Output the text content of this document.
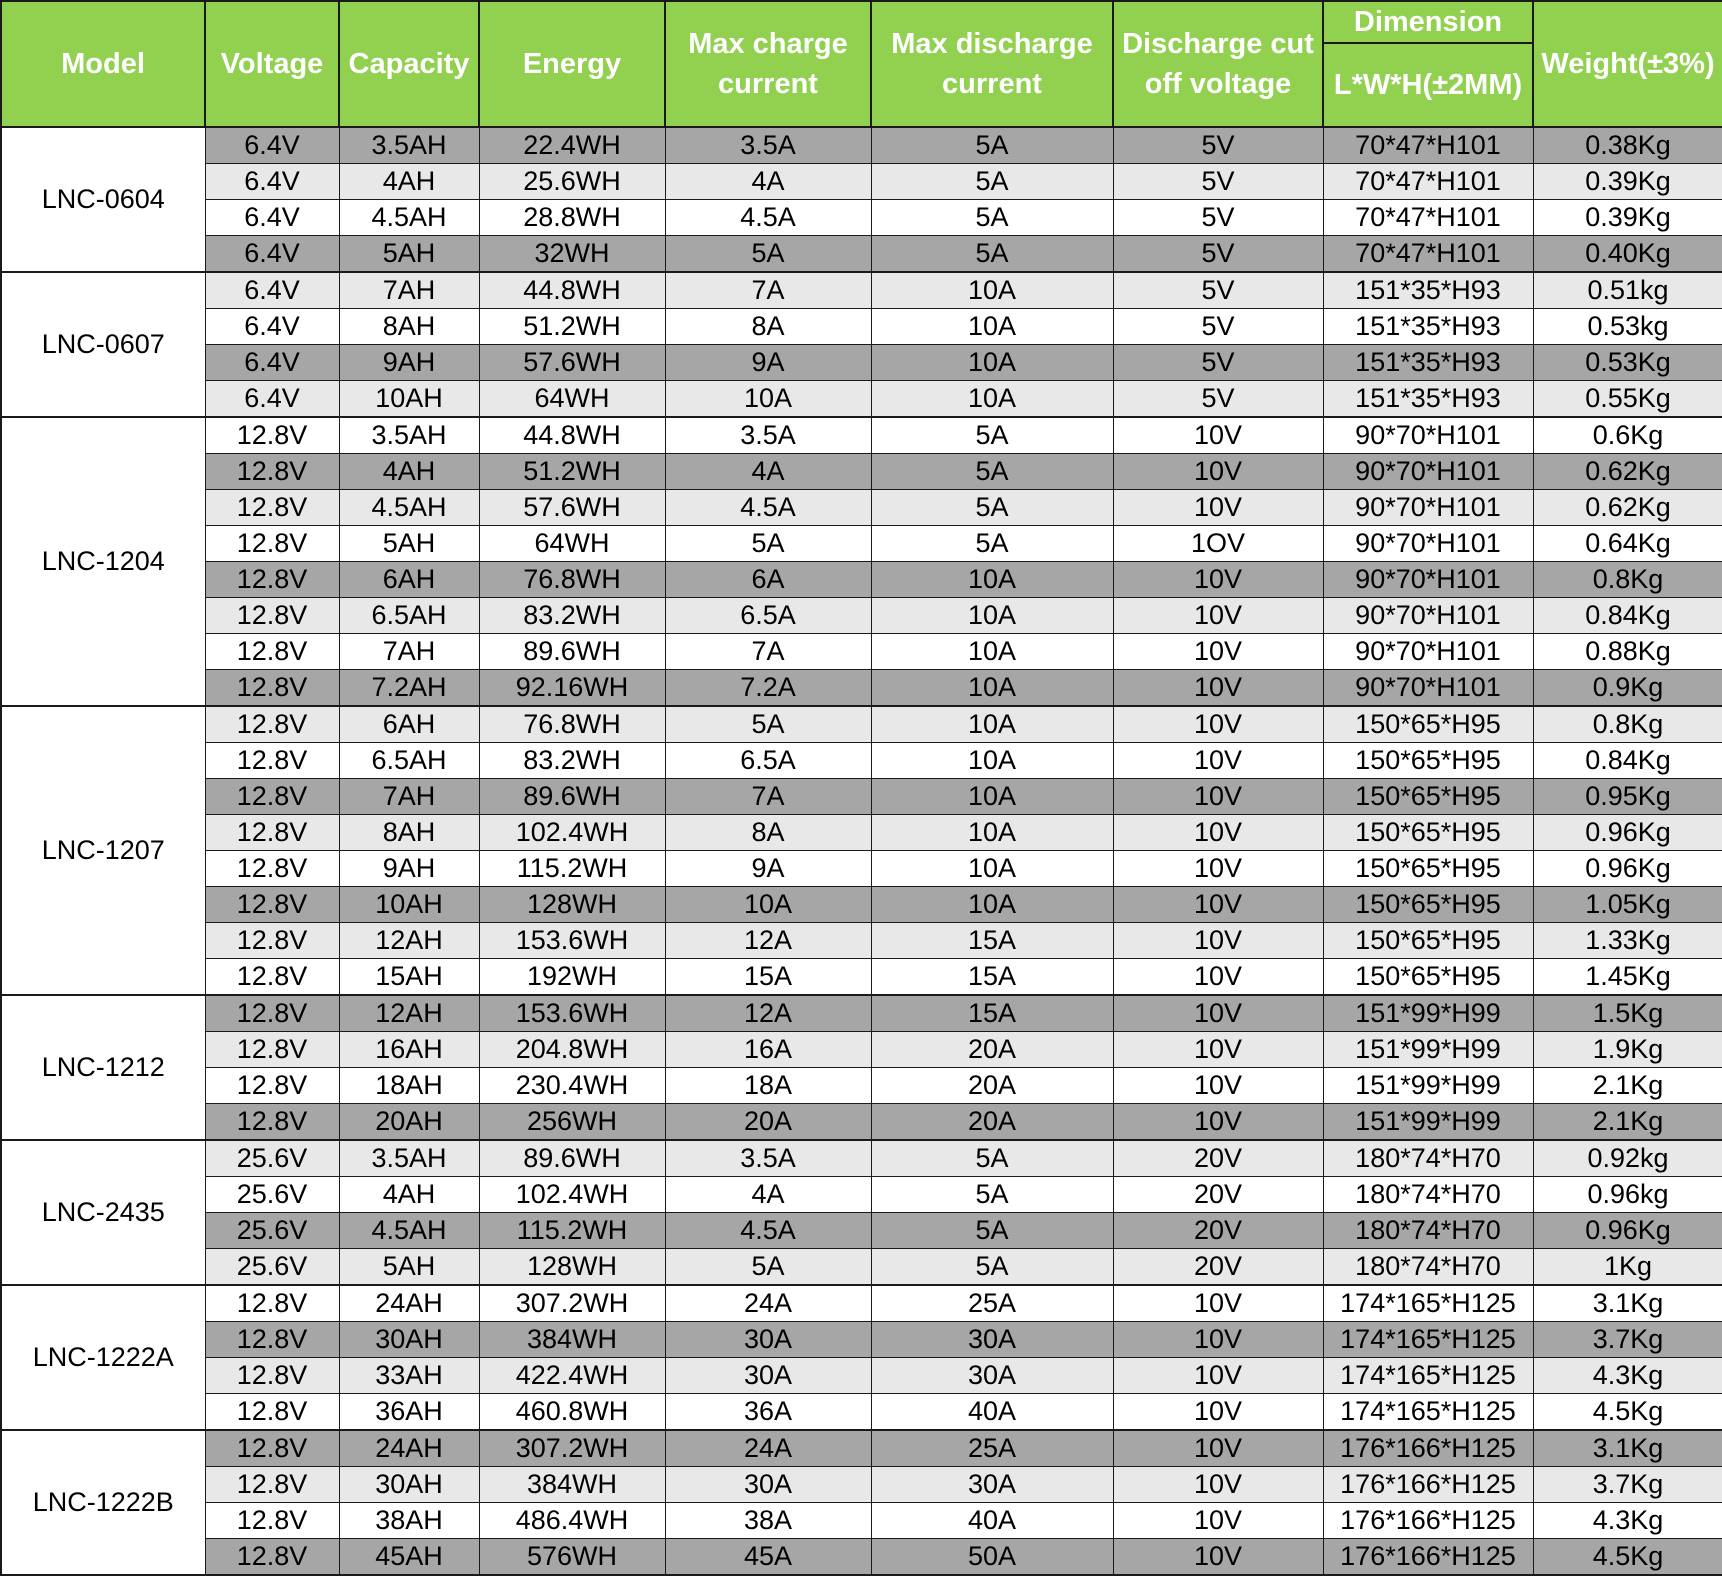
Model	Voltage	Capacity	Energy	Max charge current	Max discharge current	Discharge cut off voltage	Dimension	Weight(±3%)
							L*W*H(±2MM)	
LNC-0604	6.4V	3.5AH	22.4WH	3.5A	5A	5V	70*47*H101	0.38Kg
	6.4V	4AH	25.6WH	4A	5A	5V	70*47*H101	0.39Kg
	6.4V	4.5AH	28.8WH	4.5A	5A	5V	70*47*H101	0.39Kg
	6.4V	5AH	32WH	5A	5A	5V	70*47*H101	0.40Kg
LNC-0607	6.4V	7AH	44.8WH	7A	10A	5V	151*35*H93	0.51kg
	6.4V	8AH	51.2WH	8A	10A	5V	151*35*H93	0.53kg
	6.4V	9AH	57.6WH	9A	10A	5V	151*35*H93	0.53Kg
	6.4V	10AH	64WH	10A	10A	5V	151*35*H93	0.55Kg
LNC-1204	12.8V	3.5AH	44.8WH	3.5A	5A	10V	90*70*H101	0.6Kg
	12.8V	4AH	51.2WH	4A	5A	10V	90*70*H101	0.62Kg
	12.8V	4.5AH	57.6WH	4.5A	5A	10V	90*70*H101	0.62Kg
	12.8V	5AH	64WH	5A	5A	1OV	90*70*H101	0.64Kg
	12.8V	6AH	76.8WH	6A	10A	10V	90*70*H101	0.8Kg
	12.8V	6.5AH	83.2WH	6.5A	10A	10V	90*70*H101	0.84Kg
	12.8V	7AH	89.6WH	7A	10A	10V	90*70*H101	0.88Kg
	12.8V	7.2AH	92.16WH	7.2A	10A	10V	90*70*H101	0.9Kg
LNC-1207	12.8V	6AH	76.8WH	5A	10A	10V	150*65*H95	0.8Kg
	12.8V	6.5AH	83.2WH	6.5A	10A	10V	150*65*H95	0.84Kg
	12.8V	7AH	89.6WH	7A	10A	10V	150*65*H95	0.95Kg
	12.8V	8AH	102.4WH	8A	10A	10V	150*65*H95	0.96Kg
	12.8V	9AH	115.2WH	9A	10A	10V	150*65*H95	0.96Kg
	12.8V	10AH	128WH	10A	10A	10V	150*65*H95	1.05Kg
	12.8V	12AH	153.6WH	12A	15A	10V	150*65*H95	1.33Kg
	12.8V	15AH	192WH	15A	15A	10V	150*65*H95	1.45Kg
LNC-1212	12.8V	12AH	153.6WH	12A	15A	10V	151*99*H99	1.5Kg
	12.8V	16AH	204.8WH	16A	20A	10V	151*99*H99	1.9Kg
	12.8V	18AH	230.4WH	18A	20A	10V	151*99*H99	2.1Kg
	12.8V	20AH	256WH	20A	20A	10V	151*99*H99	2.1Kg
LNC-2435	25.6V	3.5AH	89.6WH	3.5A	5A	20V	180*74*H70	0.92kg
	25.6V	4AH	102.4WH	4A	5A	20V	180*74*H70	0.96kg
	25.6V	4.5AH	115.2WH	4.5A	5A	20V	180*74*H70	0.96Kg
	25.6V	5AH	128WH	5A	5A	20V	180*74*H70	1Kg
LNC-1222A	12.8V	24AH	307.2WH	24A	25A	10V	174*165*H125	3.1Kg
	12.8V	30AH	384WH	30A	30A	10V	174*165*H125	3.7Kg
	12.8V	33AH	422.4WH	30A	30A	10V	174*165*H125	4.3Kg
	12.8V	36AH	460.8WH	36A	40A	10V	174*165*H125	4.5Kg
LNC-1222B	12.8V	24AH	307.2WH	24A	25A	10V	176*166*H125	3.1Kg
	12.8V	30AH	384WH	30A	30A	10V	176*166*H125	3.7Kg
	12.8V	38AH	486.4WH	38A	40A	10V	176*166*H125	4.3Kg
	12.8V	45AH	576WH	45A	50A	10V	176*166*H125	4.5Kg
